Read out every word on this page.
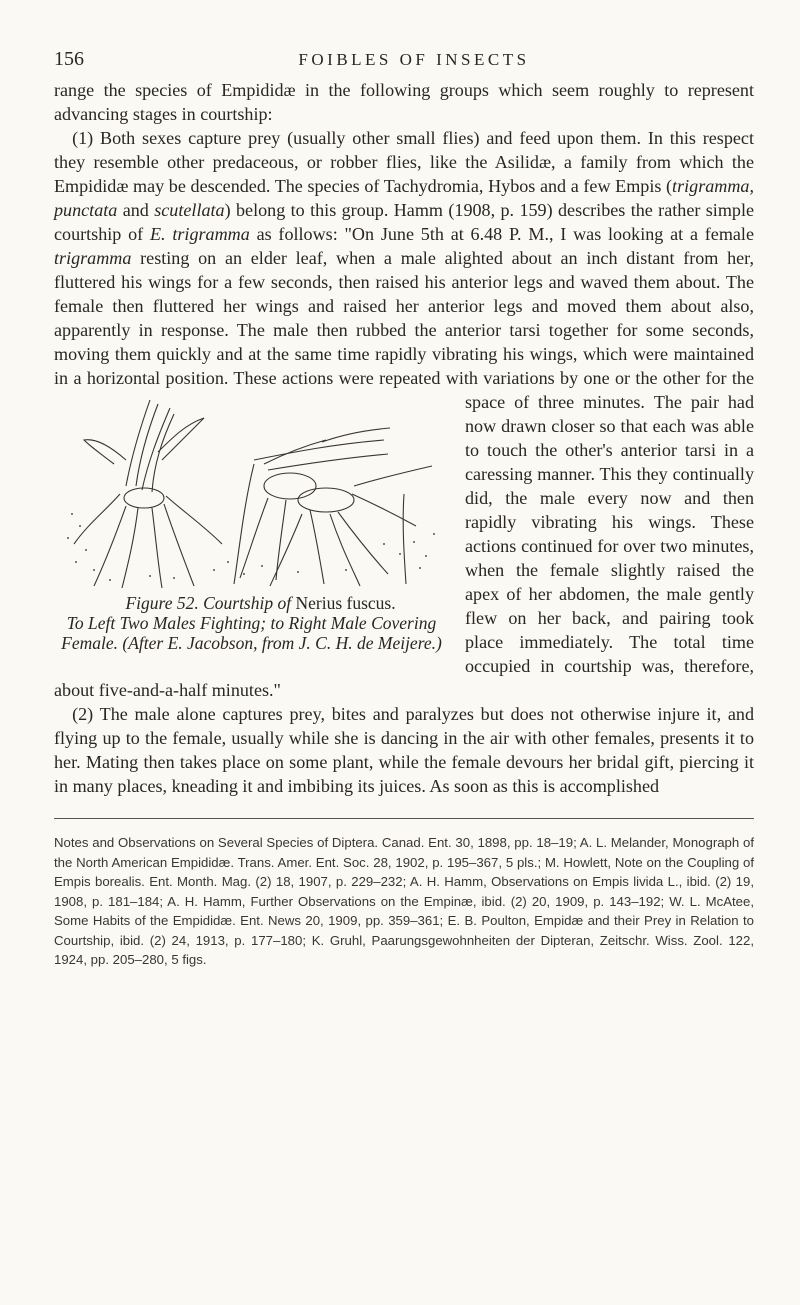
156	FOIBLES OF INSECTS

range the species of Empididæ in the following groups which seem roughly to represent advancing stages in courtship:

(1) Both sexes capture prey (usually other small flies) and feed upon them. In this respect they resemble other predaceous, or robber flies, like the Asilidæ, a family from which the Empididæ may be descended. The species of Tachydromia, Hybos and a few Empis (trigramma, punctata and scutellata) belong to this group. Hamm (1908, p. 159) describes the rather simple courtship of E. trigramma as follows: "On June 5th at 6.48 P. M., I was looking at a female trigramma resting on an elder leaf, when a male alighted about an inch distant from her, fluttered his wings for a few seconds, then raised his anterior legs and waved them about. The female then fluttered her wings and raised her anterior legs and moved them about also, apparently in response. The male then rubbed the anterior tarsi together for some seconds, moving them quickly and at the same time rapidly vibrating his wings, which were maintained in a horizontal position. These actions were repeated with variations by one or the other for the space of three minutes.
Figure 52. Courtship of Nerius fuscus.
To Left Two Males Fighting; to Right Male Covering Female. (After E. Jacobson, from J. C. H. de Meijere.)
The pair had now drawn closer so that each was able to touch the other's anterior tarsi in a caressing manner. This they continually did, the male every now and then rapidly vibrating his wings. These actions continued for over two minutes, when the female slightly raised the apex of her abdomen, the male gently flew on her back, and pairing took place immediately. The total time occupied in courtship was, therefore, about five-and-a-half minutes."

(2) The male alone captures prey, bites and paralyzes but does not otherwise injure it, and flying up to the female, usually while she is dancing in the air with other females, presents it to her. Mating then takes place on some plant, while the female devours her bridal gift, piercing it in many places, kneading it and imbibing its juices. As soon as this is accomplished

Notes and Observations on Several Species of Diptera. Canad. Ent. 30, 1898, pp. 18–19; A. L. Melander, Monograph of the North American Empididæ. Trans. Amer. Ent. Soc. 28, 1902, p. 195–367, 5 pls.; M. Howlett, Note on the Coupling of Empis borealis. Ent. Month. Mag. (2) 18, 1907, p. 229–232; A. H. Hamm, Observations on Empis livida L., ibid. (2) 19, 1908, p. 181–184; A. H. Hamm, Further Observations on the Empinæ, ibid. (2) 20, 1909, p. 143–192; W. L. McAtee, Some Habits of the Empididæ. Ent. News 20, 1909, pp. 359–361; E. B. Poulton, Empidæ and their Prey in Relation to Courtship, ibid. (2) 24, 1913, p. 177–180; K. Gruhl, Paarungsgewohnheiten der Dipteran, Zeitschr. Wiss. Zool. 122, 1924, pp. 205–280, 5 figs.
